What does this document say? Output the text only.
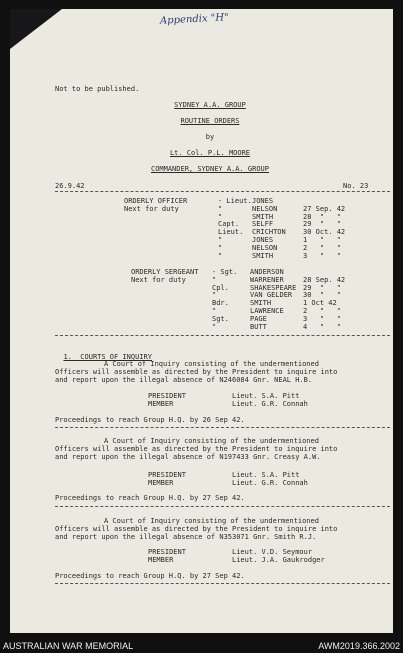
Appendix "H"
Not to be published.
SYDNEY A.A. GROUP
ROUTINE ORDERS
by
Lt. Col. P.L. MOORE
COMMANDER, SYDNEY A.A. GROUP
26.9.42	No. 23
ORDERLY OFFICER
Next for duty
- Lieut. JONES
"	NELSON	27 Sep. 42
"	SMITH	28  "   "
Capt. SELFF	29  "   "
Lieut. CRICHTON 30 Oct. 42
"	JONES	1   "   "
"	NELSON	2   "   "
"	SMITH	3   "   "
ORDERLY SERGEANT
Next for duty
- Sgt. ANDERSON
"	WARRENER	28 Sep. 42
Cpl.	SHAKESPEARE 29  "   "
"	VAN GELDER 30  "   "
Bdr.	SMITH	1 Oct 42
"	LAWRENCE	2   "   "
Sgt.	PAGE	3   "   "
"	BUTT	4   "   "

1.  COURTS OF INQUIRY

A Court of Inquiry consisting of the undermentioned
Officers will assemble as directed by the President to inquire into
and report upon the illegal absence of N246084 Gnr. NEAL H.B.
PRESIDENT	Lieut. S.A. Pitt
MEMBER	Lieut. G.R. Connah
Proceedings to reach Group H.Q. by 26 Sep 42.
A Court of Inquiry consisting of the undermentioned
Officers will assemble as directed by the President to inquire into
and report upon the illegal absence of N197433 Gnr. Creasy A.W.
PRESIDENT	Lieut. S.A. Pitt
MEMBER	Lieut. G.R. Connah
Proceedings to reach Group H.Q. by 27 Sep 42.
A Court of Inquiry consisting of the undermentioned
Officers will assemble as directed by the President to inquire into
and report upon the illegal absence of N353071 Gnr. Smith R.J.
PRESIDENT	Lieut. V.D. Seymour
MEMBER	Lieut. J.A. Gaukrodger
Proceedings to reach Group H.Q. by 27 Sep 42.
AUSTRALIAN WAR MEMORIAL	AWM2019.366.2002
